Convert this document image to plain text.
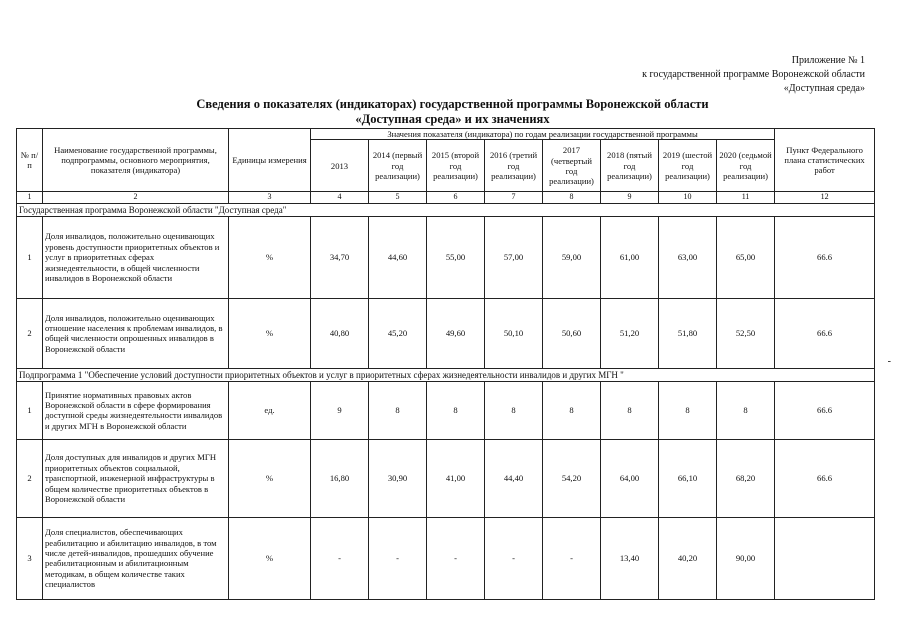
Приложение № 1
к государственной программе Воронежской области
«Доступная среда»
Сведения о показателях (индикаторах) государственной программы Воронежской области
«Доступная среда» и их значениях
-
№ п/п	Наименование государственной программы, подпрограммы, основного мероприятия, показателя (индикатора)	Единицы измерения	Значения показателя (индикатора) по годам реализации государственной программы								Пункт Федерального плана статистических работ
			2013	2014 (первый год реализации)	2015 (второй год реализации)	2016 (третий год реализации)	2017 (четвертый год реализации)	2018 (пятый год реализации)	2019 (шестой год реализации)	2020 (седьмой год реализации)	
1	2	3	4	5	6	7	8	9	10	11	12
Государственная программа Воронежской области "Доступная среда"											
1	Доля инвалидов, положительно оценивающих уровень доступности приоритетных объектов и услуг в приоритетных сферах жизнедеятельности, в общей численности инвалидов в Воронежской области	%	34,70	44,60	55,00	57,00	59,00	61,00	63,00	65,00	66.6
2	Доля инвалидов, положительно оценивающих отношение населения к проблемам инвалидов, в общей численности опрошенных инвалидов в Воронежской области	%	40,80	45,20	49,60	50,10	50,60	51,20	51,80	52,50	66.6
Подпрограмма 1 "Обеспечение условий доступности приоритетных объектов и услуг в приоритетных сферах жизнедеятельности инвалидов и других МГН "											
1	Принятие нормативных правовых актов Воронежской области в сфере формирования доступной среды жизнедеятельности инвалидов и других МГН в Воронежской области	ед.	9	8	8	8	8	8	8	8	66.6
2	Доля доступных для инвалидов и других МГН приоритетных объектов социальной, транспортной, инженерной инфраструктуры в общем количестве приоритетных объектов в Воронежской области	%	16,80	30,90	41,00	44,40	54,20	64,00	66,10	68,20	66.6
3	Доля специалистов, обеспечивающих реабилитацию и абилитацию инвалидов, в том числе детей-инвалидов, прошедших обучение реабилитационным и абилитационным методикам, в общем количестве таких специалистов	%	-	-	-	-	-	13,40	40,20	90,00	
